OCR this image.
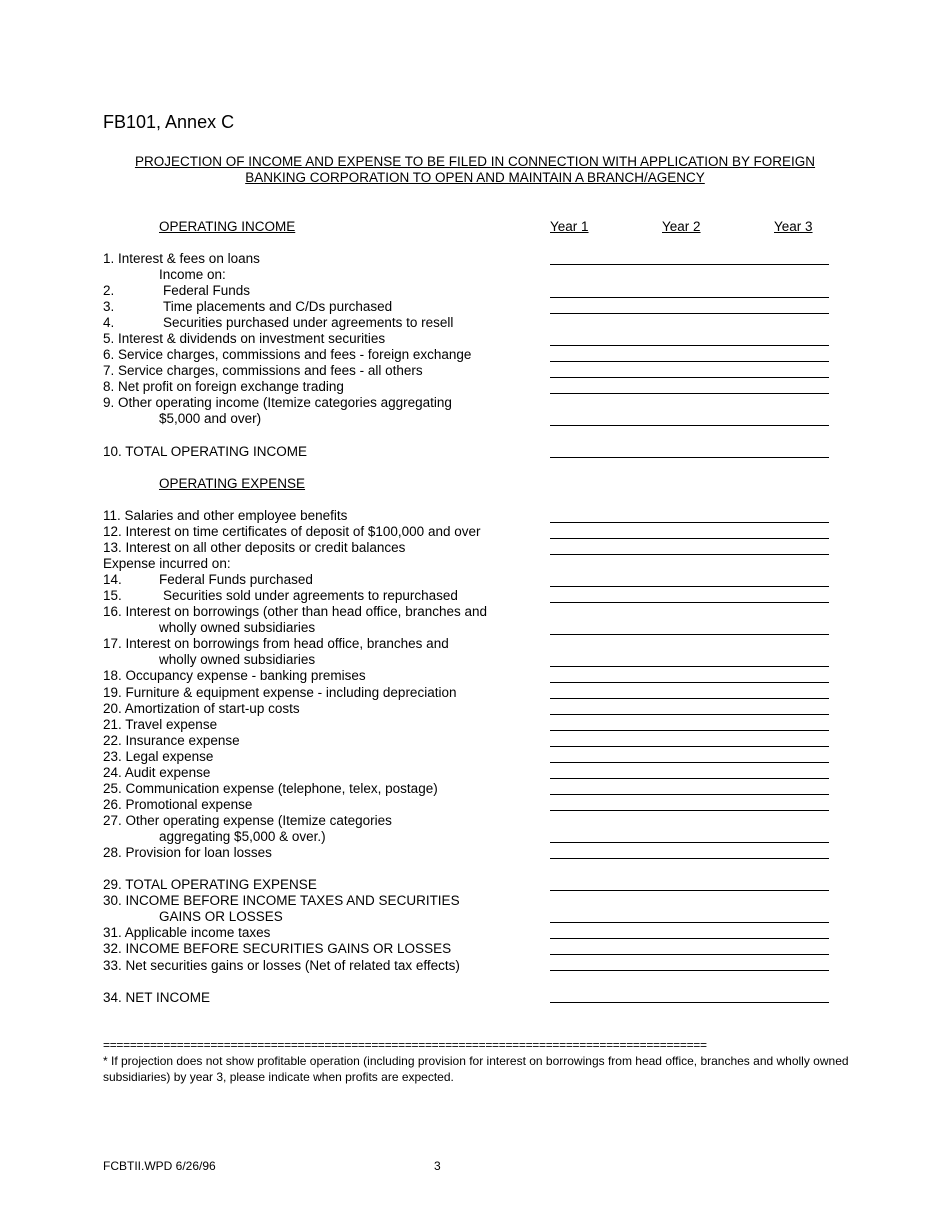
FB101, Annex C
PROJECTION OF INCOME AND EXPENSE TO BE FILED IN CONNECTION WITH APPLICATION BY FOREIGN
BANKING CORPORATION TO OPEN AND MAINTAIN A BRANCH/AGENCY
OPERATING INCOME	Year 1	Year 2	Year 3
OPERATING EXPENSE
1. Interest & fees on loans
Income on:
2.	Federal Funds
3.	Time placements and C/Ds purchased
4.	Securities purchased under agreements to resell
5. Interest & dividends on investment securities
6. Service charges, commissions and fees - foreign exchange
7. Service charges, commissions and fees - all others
8. Net profit on foreign exchange trading
9. Other operating income (Itemize categories aggregating
$5,000 and over)
10. TOTAL OPERATING INCOME
11. Salaries and other employee benefits
12. Interest on time certificates of deposit of $100,000 and over
13. Interest on all other deposits or credit balances
Expense incurred on:
14.	Federal Funds purchased
15.	Securities sold under agreements to repurchased
16. Interest on borrowings (other than head office, branches and
wholly owned subsidiaries
17. Interest on borrowings from head office, branches and
wholly owned subsidiaries
18. Occupancy expense - banking premises
19. Furniture & equipment expense - including depreciation
20. Amortization of start-up costs
21. Travel expense
22. Insurance expense
23. Legal expense
24. Audit expense
25. Communication expense (telephone, telex, postage)
26. Promotional expense
27. Other operating expense (Itemize categories
aggregating $5,000 & over.)
28. Provision for loan losses
29. TOTAL OPERATING EXPENSE
30. INCOME BEFORE INCOME TAXES AND SECURITIES
GAINS OR LOSSES
31. Applicable income taxes
32. INCOME BEFORE SECURITIES GAINS OR LOSSES
33. Net securities gains or losses (Net of related tax effects)
34. NET INCOME
==========================================================================================
* If projection does not show profitable operation (including provision for interest on borrowings from head office, branches and wholly owned subsidiaries) by year 3, please indicate when profits are expected.
FCBTII.WPD 6/26/96	3
